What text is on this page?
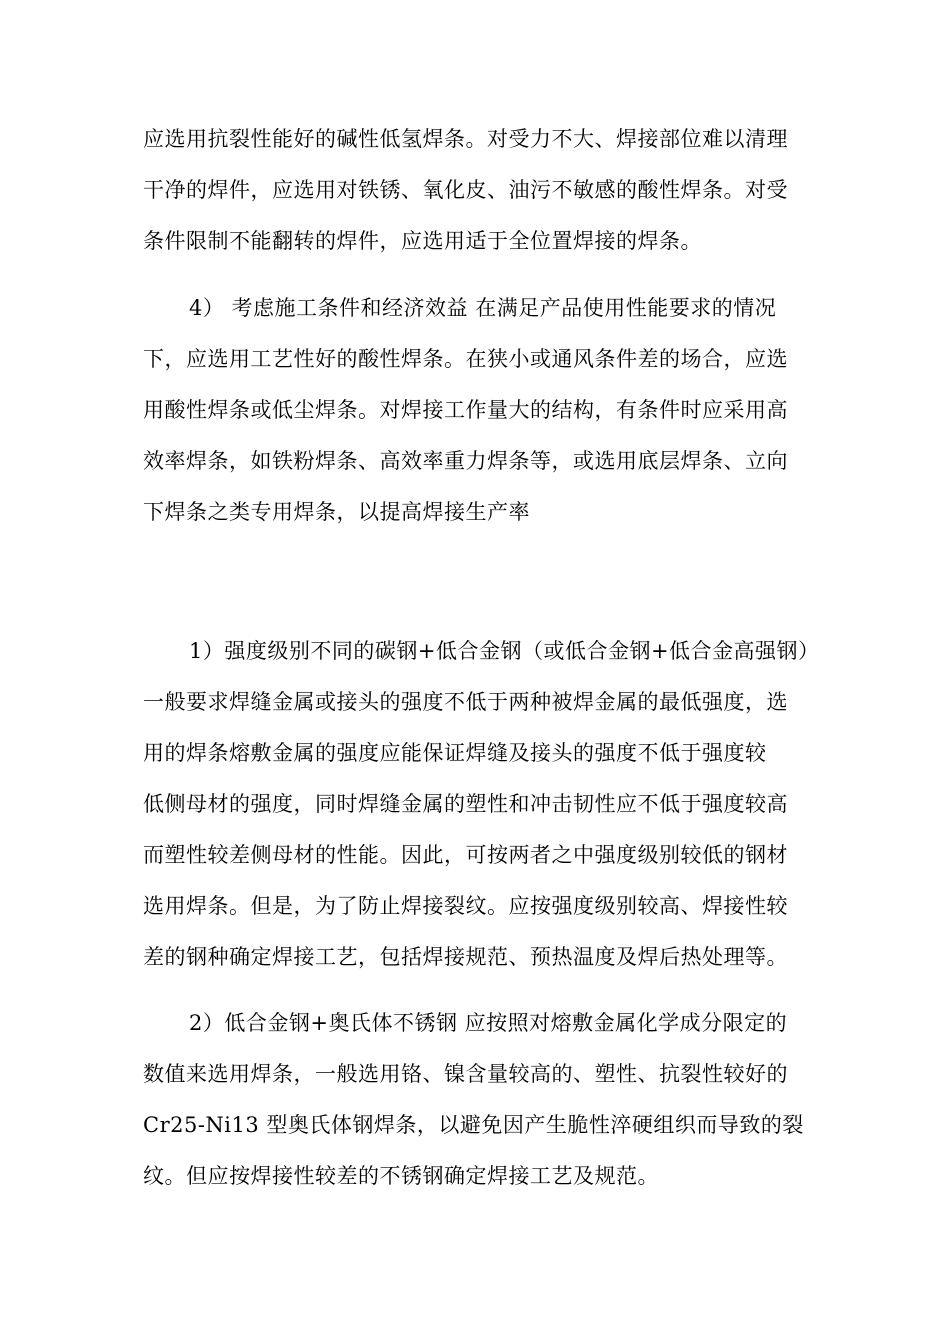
应选用抗裂性能好的碱性低氢焊条。对受力不大、焊接部位难以清理
干净的焊件，应选用对铁锈、氧化皮、油污不敏感的酸性焊条。对受
条件限制不能翻转的焊件，应选用适于全位置焊接的焊条。
4） 考虑施工条件和经济效益 在满足产品使用性能要求的情况
下，应选用工艺性好的酸性焊条。在狭小或通风条件差的场合，应选
用酸性焊条或低尘焊条。对焊接工作量大的结构，有条件时应采用高
效率焊条，如铁粉焊条、高效率重力焊条等，或选用底层焊条、立向
下焊条之类专用焊条，以提高焊接生产率
1）强度级别不同的碳钢+低合金钢（或低合金钢+低合金高强钢）
一般要求焊缝金属或接头的强度不低于两种被焊金属的最低强度，选
用的焊条熔敷金属的强度应能保证焊缝及接头的强度不低于强度较
低侧母材的强度，同时焊缝金属的塑性和冲击韧性应不低于强度较高
而塑性较差侧母材的性能。因此，可按两者之中强度级别较低的钢材
选用焊条。但是，为了防止焊接裂纹。应按强度级别较高、焊接性较
差的钢种确定焊接工艺，包括焊接规范、预热温度及焊后热处理等。
2）低合金钢+奥氏体不锈钢 应按照对熔敷金属化学成分限定的
数值来选用焊条，一般选用铬、镍含量较高的、塑性、抗裂性较好的
Cr25-Ni13 型奥氏体钢焊条，以避免因产生脆性淬硬组织而导致的裂
纹。但应按焊接性较差的不锈钢确定焊接工艺及规范。
